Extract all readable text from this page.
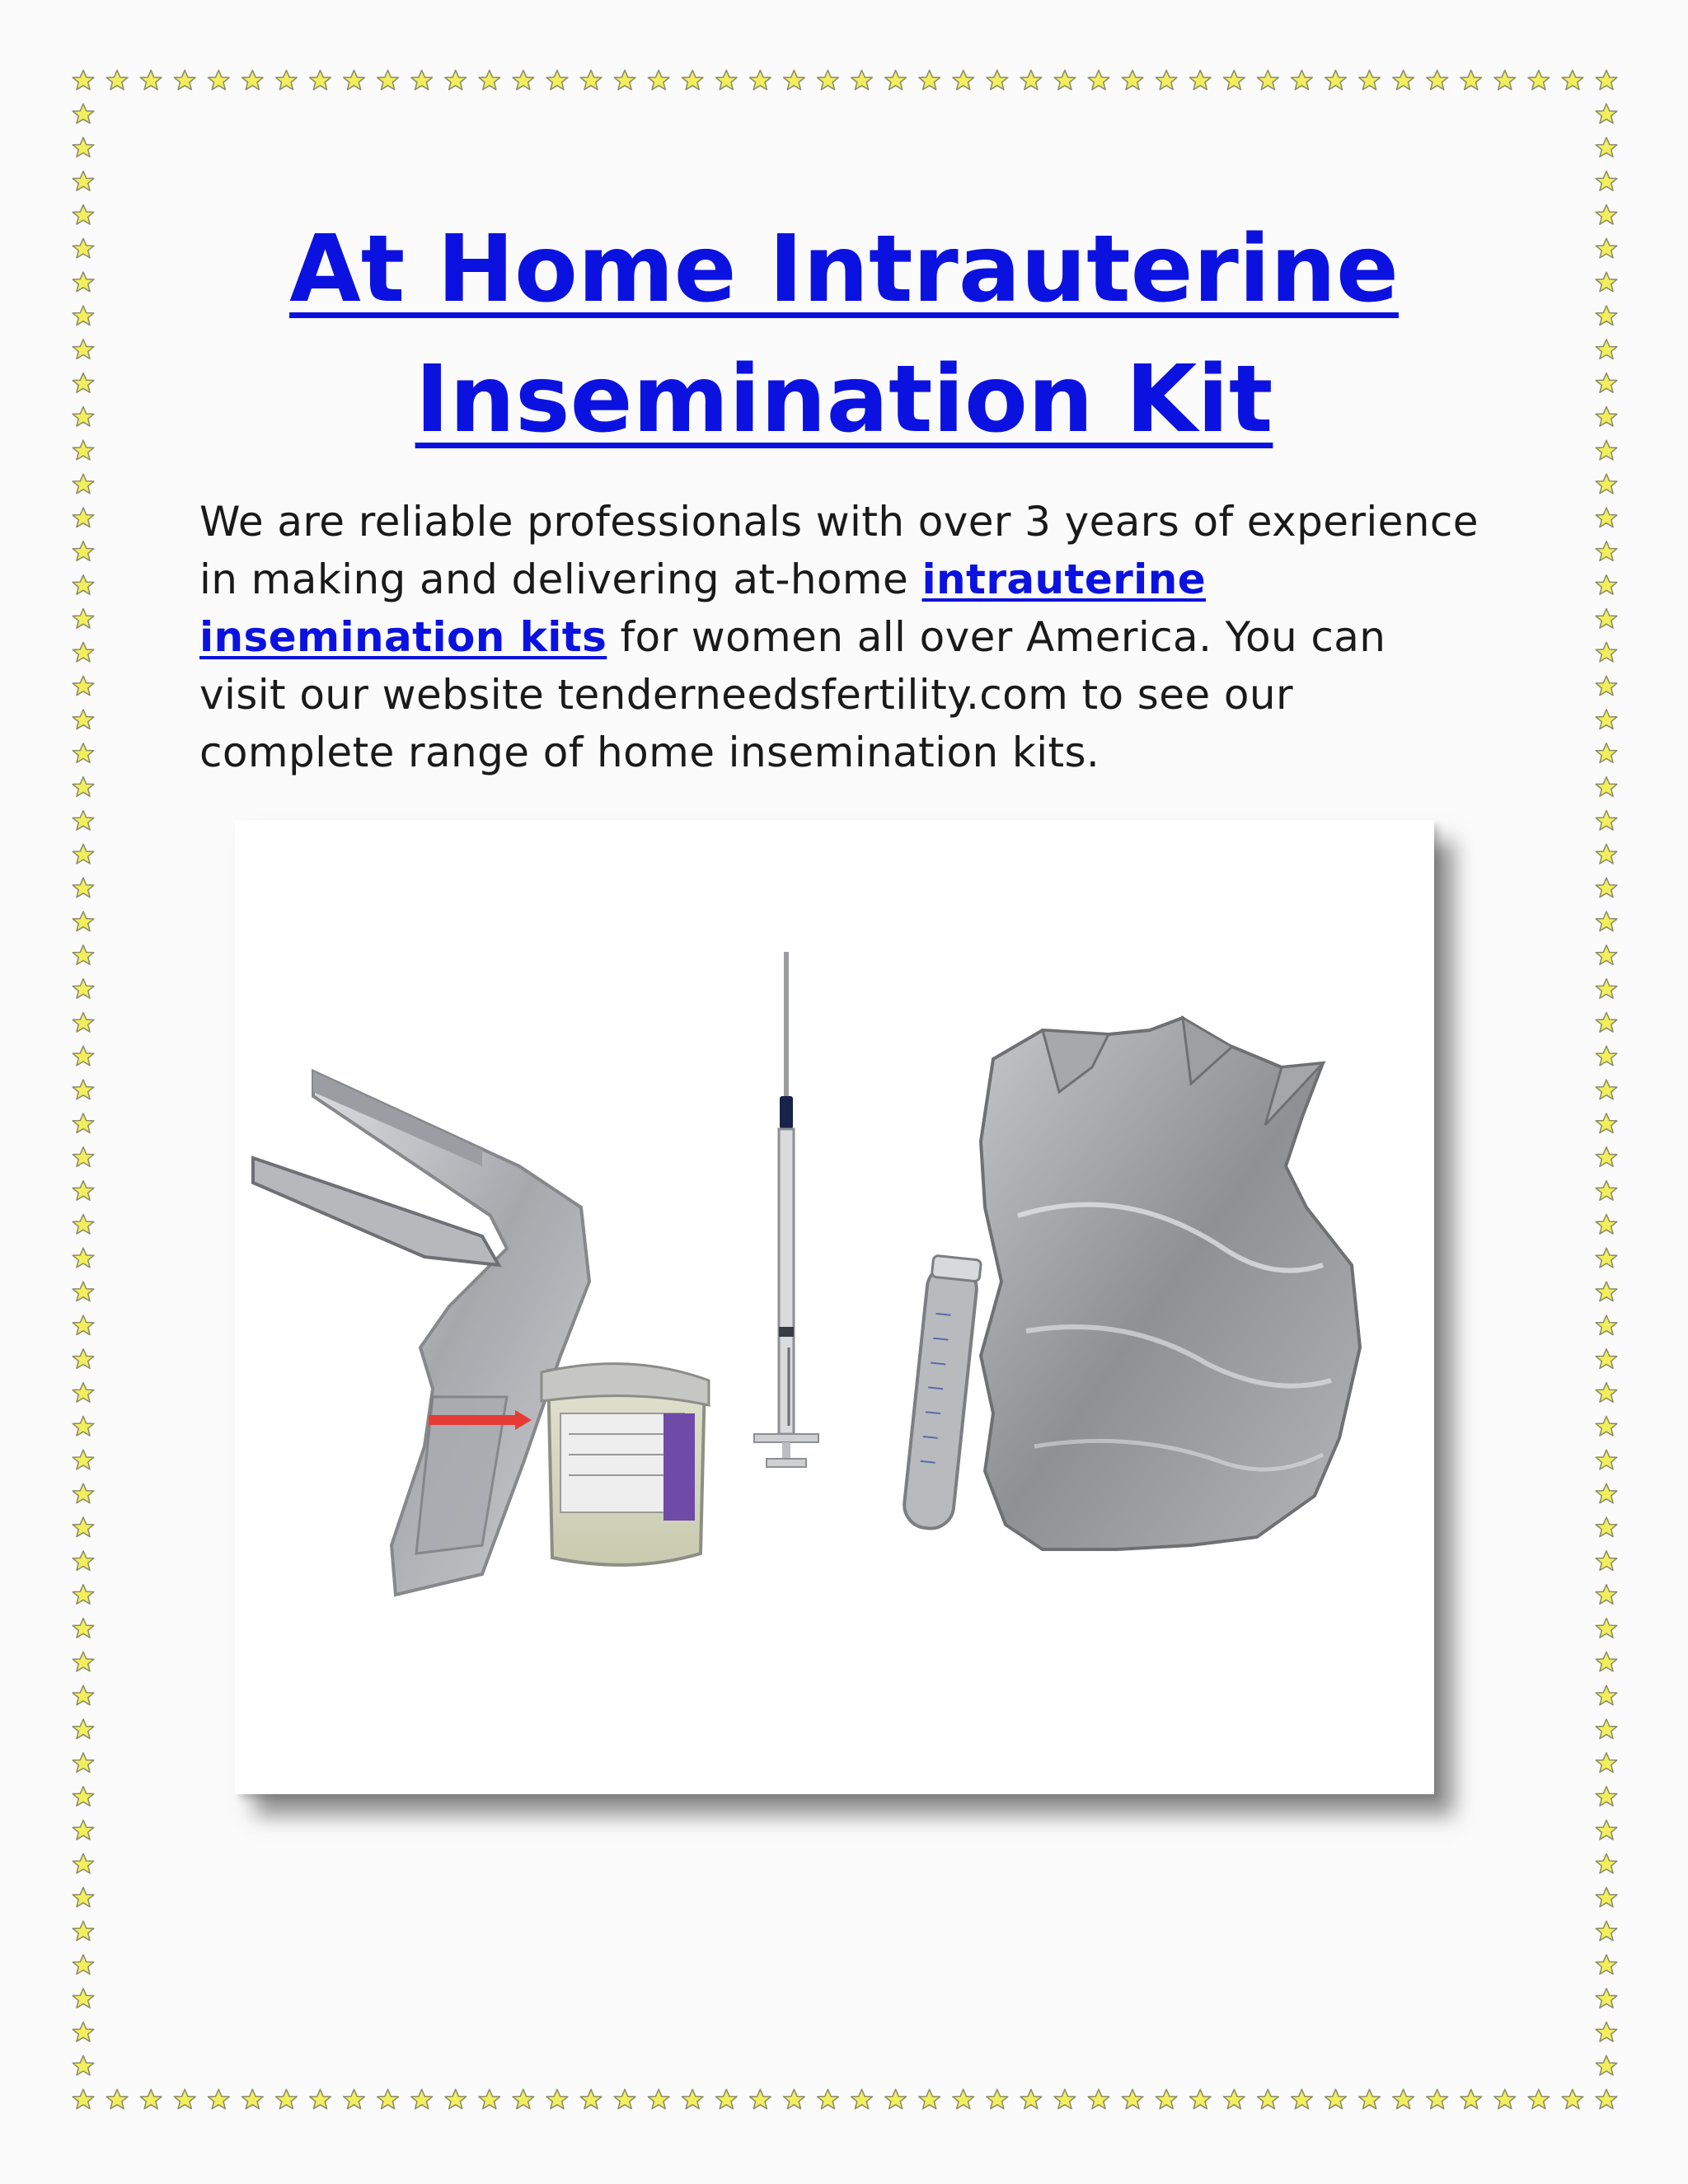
At Home Intrauterine
Insemination Kit

We are reliable professionals with over 3 years of experience
in making and delivering at-home intrauterine
insemination kits for women all over America. You can
visit our website tenderneedsfertility.com to see our
complete range of home insemination kits.
